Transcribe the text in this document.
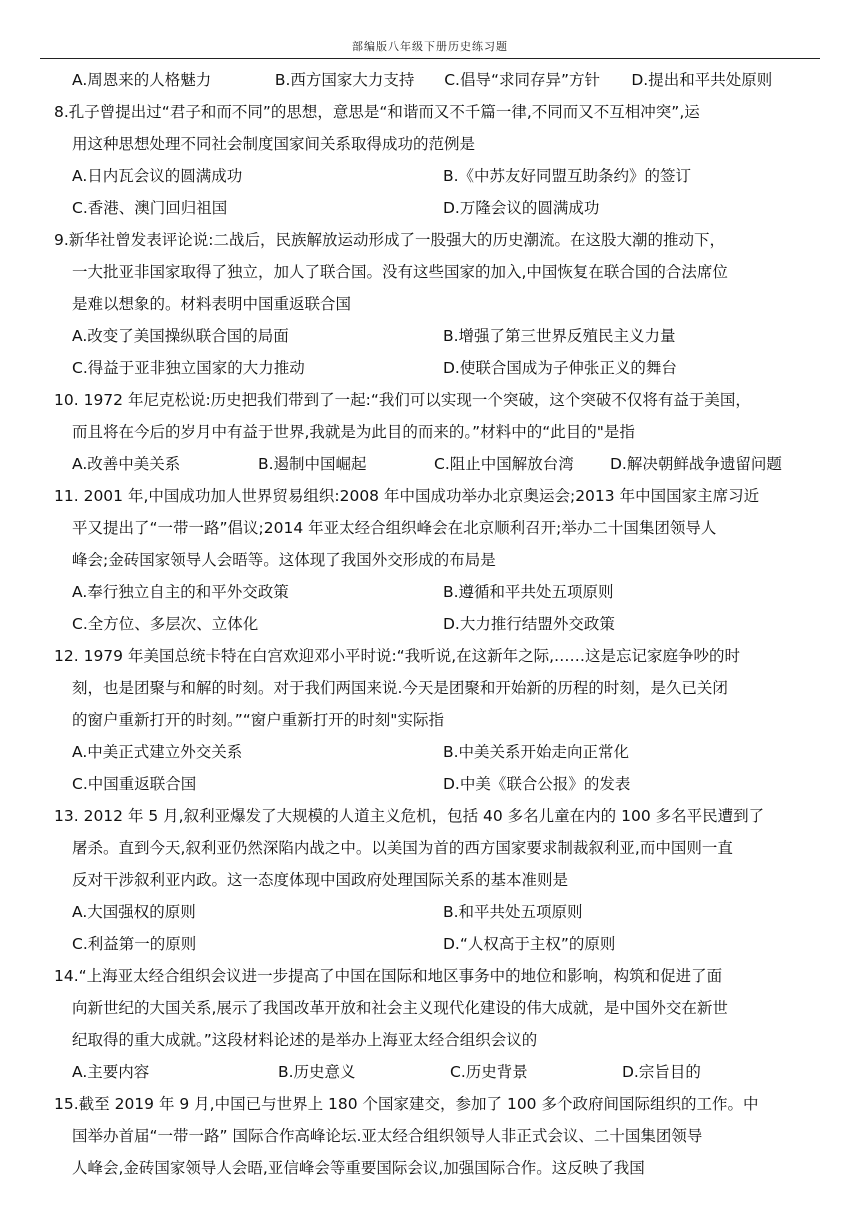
部编版八年级下册历史练习题
A.周恩来的人格魅力	B.西方国家大力支持	C.倡导“求同存异”方针	D.提出和平共处原则
8.孔子曾提出过“君子和而不同”的思想，意思是“和谐而又不千篇一律,不同而又不互相冲突”,运
用这种思想处理不同社会制度国家间关系取得成功的范例是
A.日内瓦会议的圆满成功	B.《中苏友好同盟互助条约》的签订
C.香港、澳门回归祖国	D.万隆会议的圆满成功
9.新华社曾发表评论说:二战后，民族解放运动形成了一股强大的历史潮流。在这股大潮的推动下，
一大批亚非国家取得了独立，加人了联合国。没有这些国家的加入,中国恢复在联合国的合法席位
是难以想象的。材料表明中国重返联合国
A.改变了美国操纵联合国的局面	B.增强了第三世界反殖民主义力量
C.得益于亚非独立国家的大力推动	D.使联合国成为子伸张正义的舞台
10. 1972 年尼克松说:历史把我们带到了一起:“我们可以实现一个突破，这个突破不仅将有益于美国，
而且将在今后的岁月中有益于世界,我就是为此目的而来的。”材料中的“此目的"是指
A.改善中美关系	B.遏制中国崛起	C.阻止中国解放台湾	D.解决朝鲜战争遗留问题
11. 2001 年,中国成功加人世界贸易组织:2008 年中国成功举办北京奥运会;2013 年中国国家主席习近
平又提出了“一带一路”倡议;2014 年亚太经合组织峰会在北京顺利召开;举办二十国集团领导人
峰会;金砖国家领导人会晤等。这体现了我国外交形成的布局是
A.奉行独立自主的和平外交政策	B.遵循和平共处五项原则
C.全方位、多层次、立体化	D.大力推行结盟外交政策
12. 1979 年美国总统卡特在白宫欢迎邓小平时说:“我听说,在这新年之际,……这是忘记家庭争吵的时
刻，也是团聚与和解的时刻。对于我们两国来说.今天是团聚和开始新的历程的时刻，是久已关闭
的窗户重新打开的时刻。”“窗户重新打开的时刻"实际指
A.中美正式建立外交关系	B.中美关系开始走向正常化
C.中国重返联合国	D.中美《联合公报》的发表
13. 2012 年 5 月,叙利亚爆发了大规模的人道主义危机，包括 40 多名儿童在内的 100 多名平民遭到了
屠杀。直到今天,叙利亚仍然深陷内战之中。以美国为首的西方国家要求制裁叙利亚,而中国则一直
反对干涉叙利亚内政。这一态度体现中国政府处理国际关系的基本准则是
A.大国强权的原则	B.和平共处五项原则
C.利益第一的原则	D.“人权高于主权”的原则
14.“上海亚太经合组织会议进一步提高了中国在国际和地区事务中的地位和影响，构筑和促进了面
向新世纪的大国关系,展示了我国改革开放和社会主义现代化建设的伟大成就，是中国外交在新世
纪取得的重大成就。”这段材料论述的是举办上海亚太经合组织会议的
A.主要内容	B.历史意义	C.历史背景	D.宗旨目的
15.截至 2019 年 9 月,中国已与世界上 180 个国家建交，参加了 100 多个政府间国际组织的工作。中
国举办首届“一带一路” 国际合作高峰论坛.亚太经合组织领导人非正式会议、二十国集团领导
人峰会,金砖国家领导人会晤,亚信峰会等重要国际会议,加强国际合作。这反映了我国
